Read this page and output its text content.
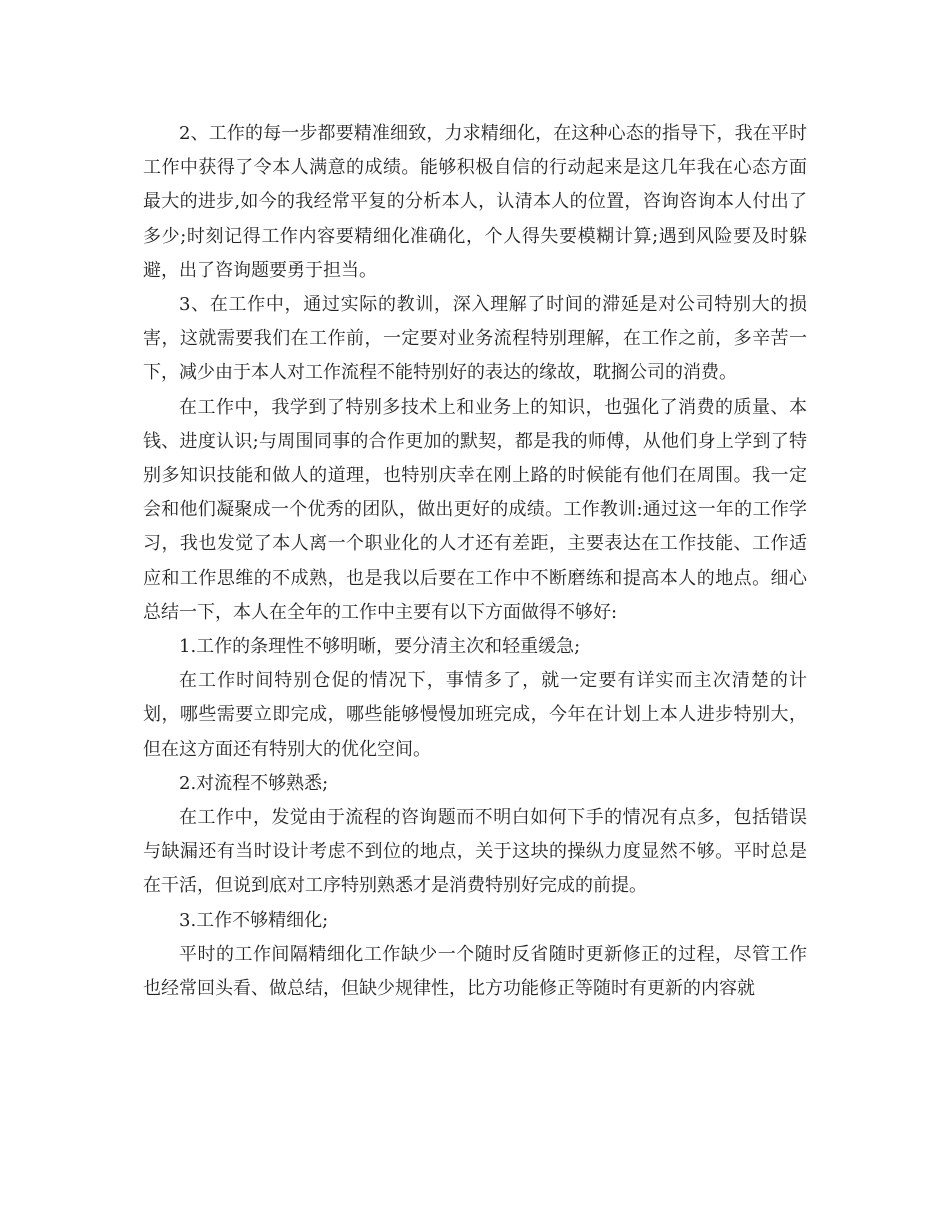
2、工作的每一步都要精准细致，力求精细化，在这种心态的指导下，我在平时工作中获得了令本人满意的成绩。能够积极自信的行动起来是这几年我在心态方面最大的进步,如今的我经常平复的分析本人，认清本人的位置，咨询咨询本人付出了多少;时刻记得工作内容要精细化准确化，个人得失要模糊计算;遇到风险要及时躲避，出了咨询题要勇于担当。

3、在工作中，通过实际的教训，深入理解了时间的滞延是对公司特别大的损害，这就需要我们在工作前，一定要对业务流程特别理解，在工作之前，多辛苦一下，减少由于本人对工作流程不能特别好的表达的缘故，耽搁公司的消费。

在工作中，我学到了特别多技术上和业务上的知识，也强化了消费的质量、本钱、进度认识;与周围同事的合作更加的默契，都是我的师傅，从他们身上学到了特别多知识技能和做人的道理，也特别庆幸在刚上路的时候能有他们在周围。我一定会和他们凝聚成一个优秀的团队，做出更好的成绩。工作教训:通过这一年的工作学习，我也发觉了本人离一个职业化的人才还有差距，主要表达在工作技能、工作适应和工作思维的不成熟，也是我以后要在工作中不断磨练和提高本人的地点。细心总结一下，本人在全年的工作中主要有以下方面做得不够好:

1.工作的条理性不够明晰，要分清主次和轻重缓急;

在工作时间特别仓促的情况下，事情多了，就一定要有详实而主次清楚的计划，哪些需要立即完成，哪些能够慢慢加班完成，今年在计划上本人进步特别大，但在这方面还有特别大的优化空间。

2.对流程不够熟悉;

在工作中，发觉由于流程的咨询题而不明白如何下手的情况有点多，包括错误与缺漏还有当时设计考虑不到位的地点，关于这块的操纵力度显然不够。平时总是在干活，但说到底对工序特别熟悉才是消费特别好完成的前提。

3.工作不够精细化;

平时的工作间隔精细化工作缺少一个随时反省随时更新修正的过程，尽管工作也经常回头看、做总结，但缺少规律性，比方功能修正等随时有更新的内容就
